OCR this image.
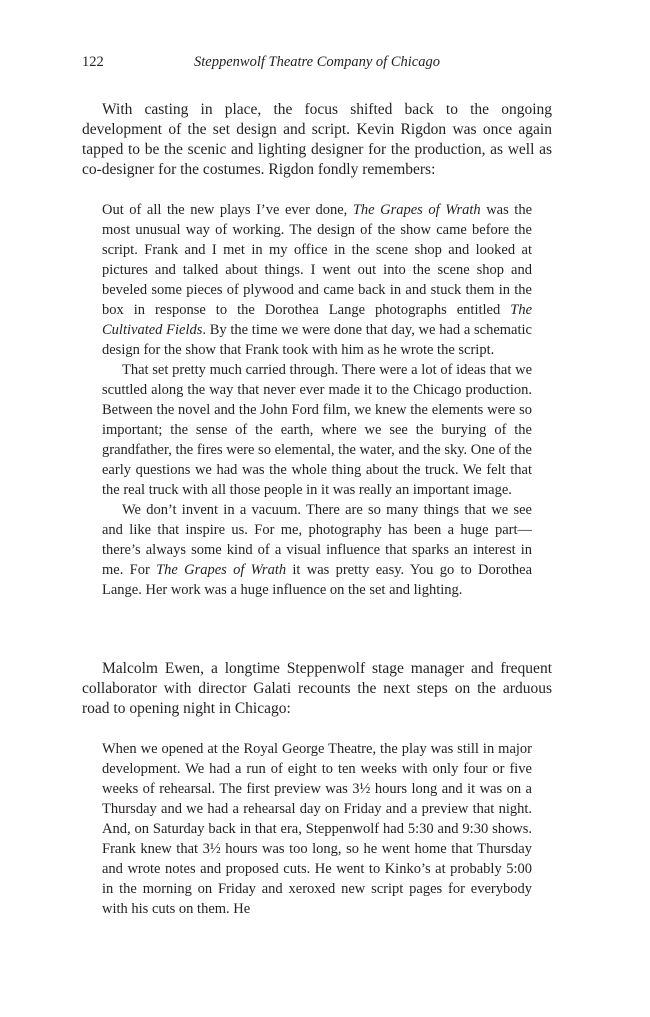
122	Steppenwolf Theatre Company of Chicago

With casting in place, the focus shifted back to the ongoing development of the set design and script. Kevin Rigdon was once again tapped to be the scenic and lighting designer for the production, as well as co-designer for the costumes. Rigdon fondly remembers:

Out of all the new plays I’ve ever done, The Grapes of Wrath was the most unusual way of working. The design of the show came before the script. Frank and I met in my office in the scene shop and looked at pictures and talked about things. I went out into the scene shop and beveled some pieces of plywood and came back in and stuck them in the box in response to the Dorothea Lange photographs entitled The Cultivated Fields. By the time we were done that day, we had a schematic design for the show that Frank took with him as he wrote the script.

That set pretty much carried through. There were a lot of ideas that we scuttled along the way that never ever made it to the Chicago production. Between the novel and the John Ford film, we knew the elements were so important; the sense of the earth, where we see the burying of the grandfather, the fires were so elemental, the water, and the sky. One of the early questions we had was the whole thing about the truck. We felt that the real truck with all those people in it was really an important image.

We don’t invent in a vacuum. There are so many things that we see and like that inspire us. For me, photography has been a huge part—there’s always some kind of a visual influence that sparks an interest in me. For The Grapes of Wrath it was pretty easy. You go to Dorothea Lange. Her work was a huge influence on the set and lighting.

Malcolm Ewen, a longtime Steppenwolf stage manager and frequent collaborator with director Galati recounts the next steps on the arduous road to opening night in Chicago:

When we opened at the Royal George Theatre, the play was still in major development. We had a run of eight to ten weeks with only four or five weeks of rehearsal. The first preview was 3½ hours long and it was on a Thursday and we had a rehearsal day on Friday and a preview that night. And, on Saturday back in that era, Steppenwolf had 5:30 and 9:30 shows. Frank knew that 3½ hours was too long, so he went home that Thursday and wrote notes and proposed cuts. He went to Kinko’s at probably 5:00 in the morning on Friday and xeroxed new script pages for everybody with his cuts on them. He
